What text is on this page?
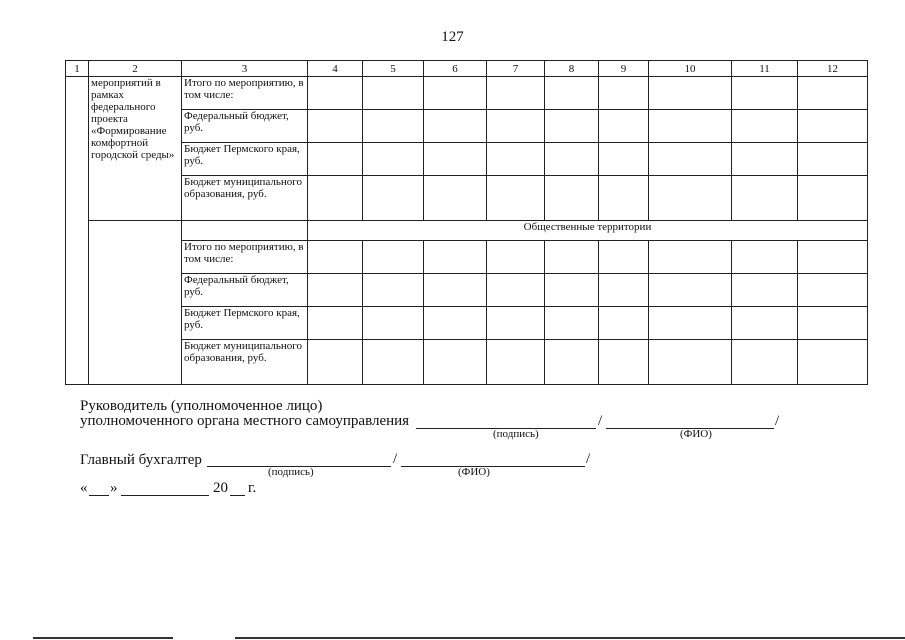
127
1	2	3	4	5	6	7	8	9	10	11	12
	мероприятий в рамках федерального проекта «Формирование комфортной городской среды»	Итого по мероприятию, в том числе:									
		Федеральный бюджет, руб.									
		Бюджет Пермского края, руб.									
		Бюджет муниципального образования, руб.									
			Общественные территории								
		Итого по мероприятию, в том числе:									
		Федеральный бюджет, руб.									
		Бюджет Пермского края, руб.									
		Бюджет муниципального образования, руб.									
Руководитель (уполномоченное лицо)
уполномоченного органа местного самоуправления	/	/
(подпись)	(ФИО)
Главный бухгалтер	/	/
(подпись)	(ФИО)
« »	20 г.
